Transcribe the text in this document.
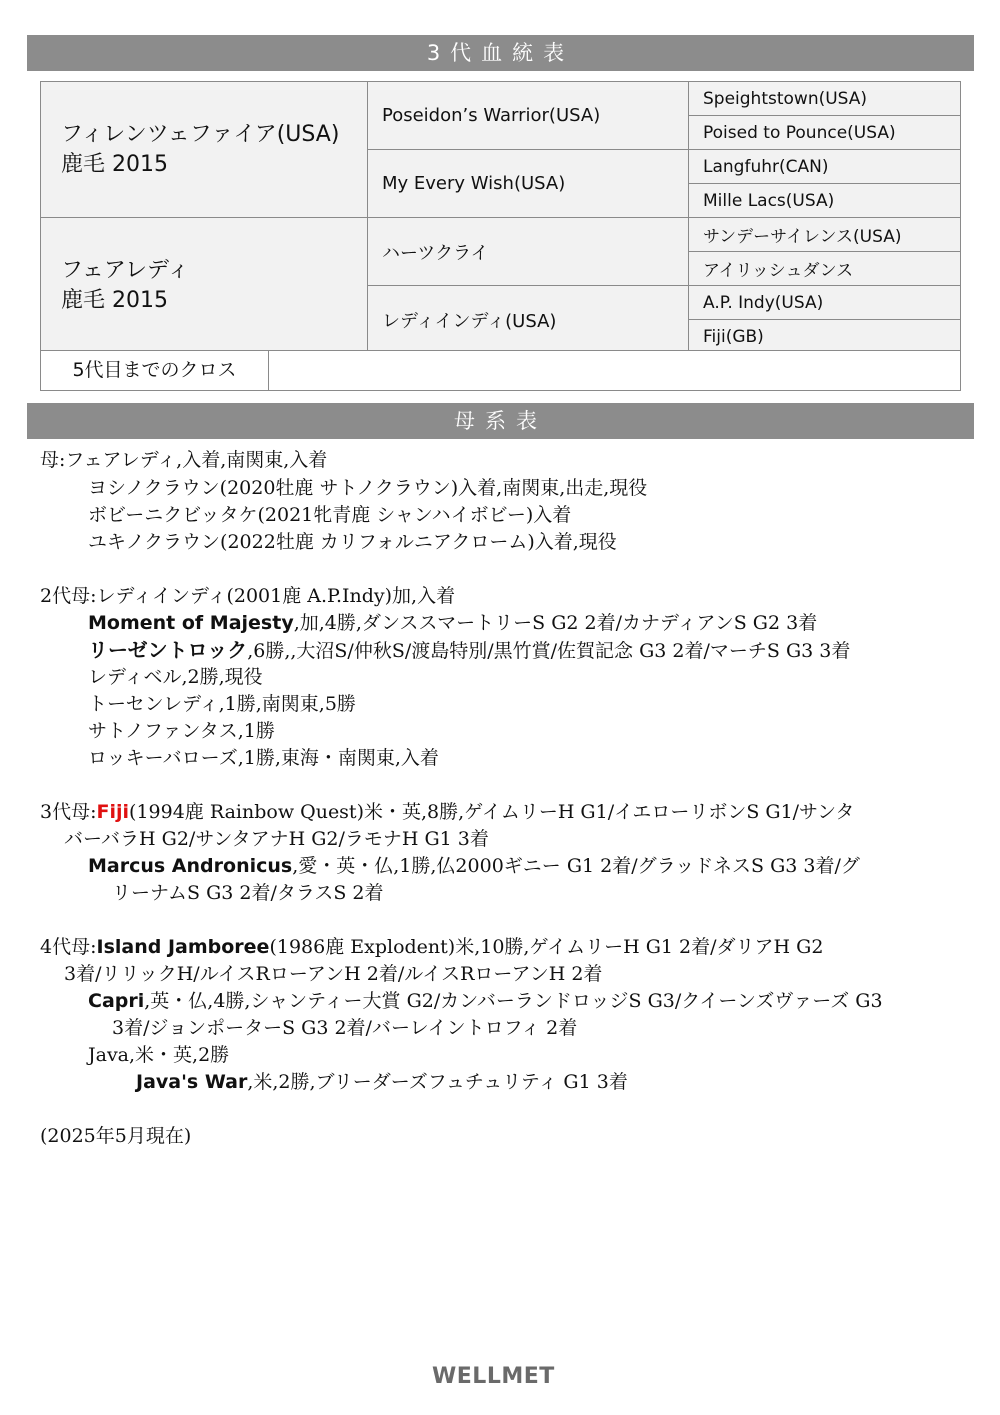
3代血統表
フィレンツェファイア(USA)
鹿毛 2015	Poseidon’s Warrior(USA)	Speightstown(USA)
		Poised to Pounce(USA)
	My Every Wish(USA)	Langfuhr(CAN)
		Mille Lacs(USA)

フェアレディ
鹿毛 2015	ハーツクライ	サンデーサイレンス(USA)
		アイリッシュダンス
	レディインディ(USA)	A.P. Indy(USA)
		Fiji(GB)
5代目までのクロス
母系表
母:フェアレディ,入着,南関東,入着
ヨシノクラウン(2020牡鹿 サトノクラウン)入着,南関東,出走,現役
ボビーニクビッタケ(2021牝青鹿 シャンハイボビー)入着
ユキノクラウン(2022牡鹿 カリフォルニアクローム)入着,現役
2代母:レディインディ(2001鹿 A.P.Indy)加,入着
Moment of Majesty,加,4勝,ダンススマートリーS G2 2着/カナディアンS G2 3着
リーゼントロック,6勝,,大沼S/仲秋S/渡島特別/黒竹賞/佐賀記念 G3 2着/マーチS G3 3着
レディベル,2勝,現役
トーセンレディ,1勝,南関東,5勝
サトノファンタス,1勝
ロッキーバローズ,1勝,東海・南関東,入着
3代母:Fiji(1994鹿 Rainbow Quest)米・英,8勝,ゲイムリーH G1/イエローリボンS G1/サンタ
バーバラH G2/サンタアナH G2/ラモナH G1 3着
Marcus Andronicus,愛・英・仏,1勝,仏2000ギニー G1 2着/グラッドネスS G3 3着/グ
リーナムS G3 2着/タラスS 2着
4代母:Island Jamboree(1986鹿 Explodent)米,10勝,ゲイムリーH G1 2着/ダリアH G2
3着/リリックH/ルイスRローアンH 2着/ルイスRローアンH 2着
Capri,英・仏,4勝,シャンティー大賞 G2/カンバーランドロッジS G3/クイーンズヴァーズ G3
3着/ジョンポーターS G3 2着/バーレイントロフィ 2着
Java,米・英,2勝
Java's War,米,2勝,ブリーダーズフュチュリティ G1 3着
(2025年5月現在)
WELLMET
